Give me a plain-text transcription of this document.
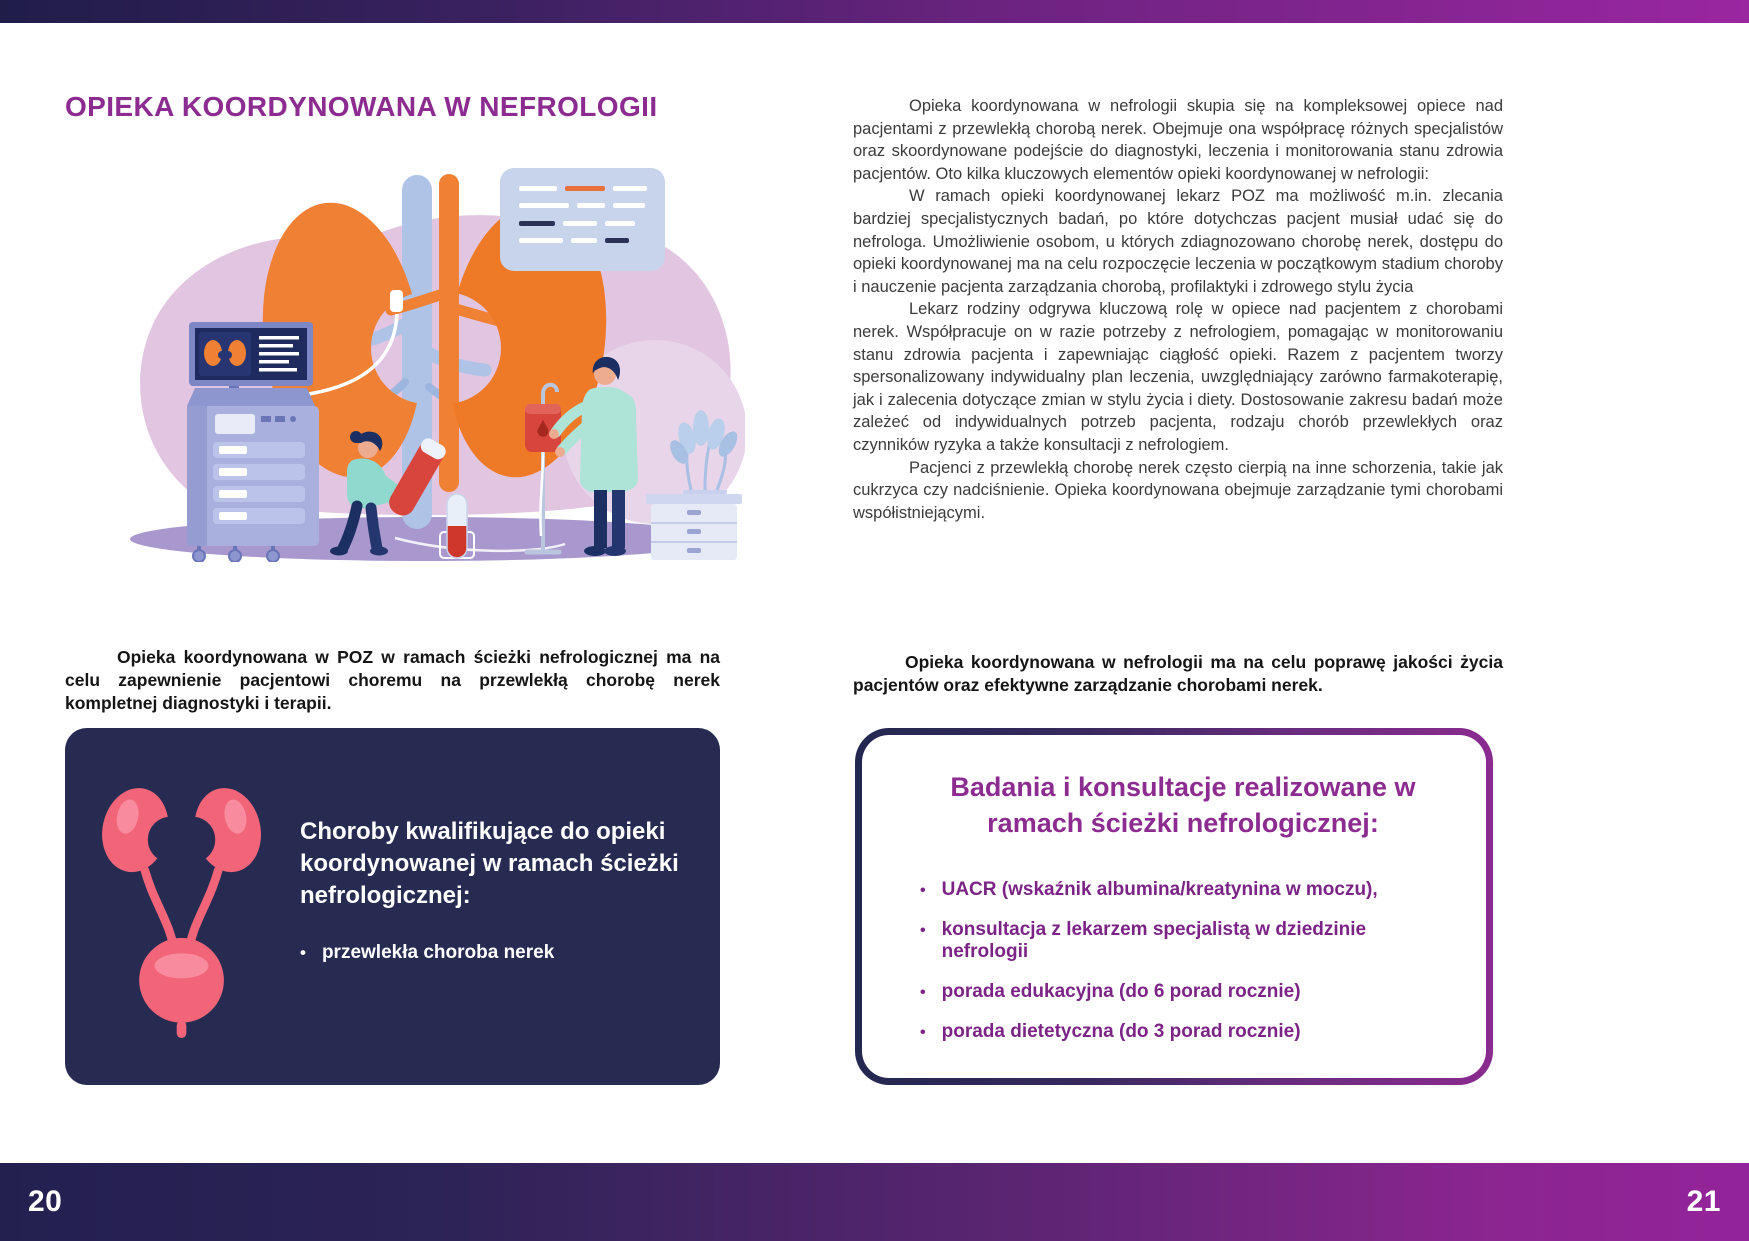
OPIEKA KOORDYNOWANA W NEFROLOGII

Opieka koordynowana w POZ w ramach ścieżki nefrologicznej ma na celu zapewnienie pacjentowi choremu na przewlekłą chorobę nerek kompletnej diagnostyki i terapii.

Choroby kwalifikujące do opieki koordynowanej w ramach ścieżki nefrologicznej:
• przewlekła choroba nerek

Opieka koordynowana w nefrologii skupia się na kompleksowej opiece nad pacjentami z przewlekłą chorobą nerek. Obejmuje ona współpracę różnych specjalistów oraz skoordynowane podejście do diagnostyki, leczenia i monitorowania stanu zdrowia pacjentów. Oto kilka kluczowych elementów opieki koordynowanej w nefrologii:

W ramach opieki koordynowanej lekarz POZ ma możliwość m.in. zlecania bardziej specjalistycznych badań, po które dotychczas pacjent musiał udać się do nefrologa. Umożliwienie osobom, u których zdiagnozowano chorobę nerek, dostępu do opieki koordynowanej ma na celu rozpoczęcie leczenia w początkowym stadium choroby i nauczenie pacjenta zarządzania chorobą, profilaktyki i zdrowego stylu życia

Lekarz rodziny odgrywa kluczową rolę w opiece nad pacjentem z chorobami nerek. Współpracuje on w razie potrzeby z nefrologiem, pomagając w monitorowaniu stanu zdrowia pacjenta i zapewniając ciągłość opieki. Razem z pacjentem tworzy spersonalizowany indywidualny plan leczenia, uwzględniający zarówno farmakoterapię, jak i zalecenia dotyczące zmian w stylu życia i diety. Dostosowanie zakresu badań może zależeć od indywidualnych potrzeb pacjenta, rodzaju chorób przewlekłych oraz czynników ryzyka a także konsultacji z nefrologiem.

Pacjenci z przewlekłą chorobę nerek często cierpią na inne schorzenia, takie jak cukrzyca czy nadciśnienie. Opieka koordynowana obejmuje zarządzanie tymi chorobami współistniejącymi.

Opieka koordynowana w nefrologii ma na celu poprawę jakości życia pacjentów oraz efektywne zarządzanie chorobami nerek.

Badania i konsultacje realizowane w ramach ścieżki nefrologicznej:
• UACR (wskaźnik albumina/kreatynina w moczu),
• konsultacja z lekarzem specjalistą w dziedzinie nefrologii
• porada edukacyjna (do 6 porad rocznie)
• porada dietetyczna (do 3 porad rocznie)
20	21
